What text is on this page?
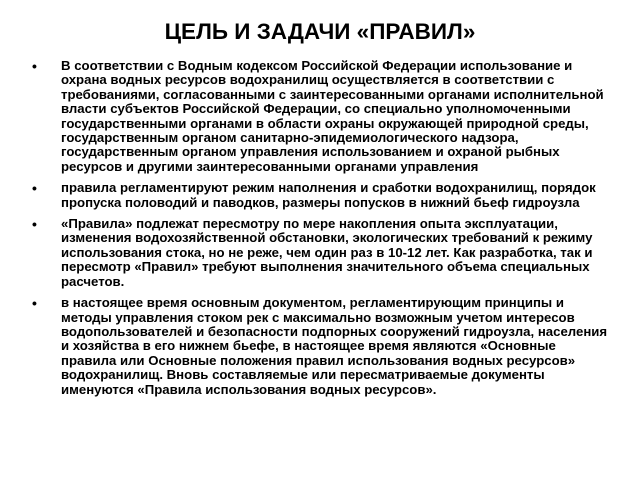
ЦЕЛЬ И ЗАДАЧИ «ПРАВИЛ»
• В соответствии с Водным кодексом Российской Федерации использование и охрана водных ресурсов водохранилищ осуществляется в соответствии с требованиями, согласованными с заинтересованными органами исполнительной власти субъектов Российской Федерации, со специально уполномоченными государственными органами в области охраны окружающей природной среды, государственным органом санитарно-эпидемиологического надзора, государственным органом управления использованием и охраной рыбных ресурсов и другими заинтересованными органами управления
• правила регламентируют режим наполнения и сработки водохранилищ, порядок пропуска половодий и паводков, размеры попусков в нижний бьеф гидроузла
• «Правила» подлежат пересмотру по мере накопления опыта эксплуатации, изменения водохозяйственной обстановки, экологических требований к режиму использования стока, но не реже, чем один раз в 10-12 лет. Как разработка, так и пересмотр «Правил» требуют выполнения значительного объема специальных расчетов.
• в настоящее время основным документом, регламентирующим принципы и методы управления стоком рек с максимально возможным учетом интересов водопользователей и безопасности подпорных сооружений гидроузла, населения и хозяйства в его нижнем бьефе, в настоящее время являются «Основные правила или Основные положения правил использования водных ресурсов» водохранилищ. Вновь составляемые или пересматриваемые документы именуются «Правила использования водных ресурсов».
